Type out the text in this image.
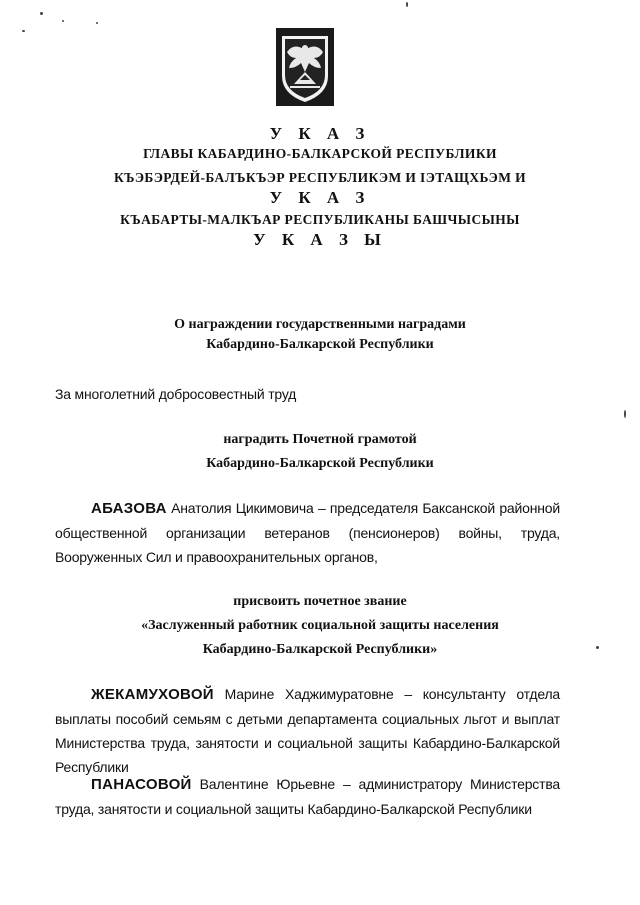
У К А З
ГЛАВЫ КАБАРДИНО-БАЛКАРСКОЙ РЕСПУБЛИКИ
КЪЭБЭРДЕЙ-БАЛЪКЪЭР РЕСПУБЛИКЭМ И ІЭТАЩХЬЭМ И
У К А З
КЪАБАРТЫ-МАЛКЪАР РЕСПУБЛИКАНЫ БАШЧЫСЫНЫ
У К А З Ы
О награждении государственными наградами
Кабардино-Балкарской Республики
За многолетний добросовестный труд
наградить Почетной грамотой
Кабардино-Балкарской Республики
АБАЗОВА Анатолия Цикимовича – председателя Баксанской районной общественной организации ветеранов (пенсионеров) войны, труда, Вооруженных Сил и правоохранительных органов,
присвоить почетное звание
«Заслуженный работник социальной защиты населения
Кабардино-Балкарской Республики»
ЖЕКАМУХОВОЙ Марине Хаджимуратовне – консультанту отдела выплаты пособий семьям с детьми департамента социальных льгот и выплат Министерства труда, занятости и социальной защиты Кабардино-Балкарской Республики
ПАНАСОВОЙ Валентине Юрьевне – администратору Министерства труда, занятости и социальной защиты Кабардино-Балкарской Республики
